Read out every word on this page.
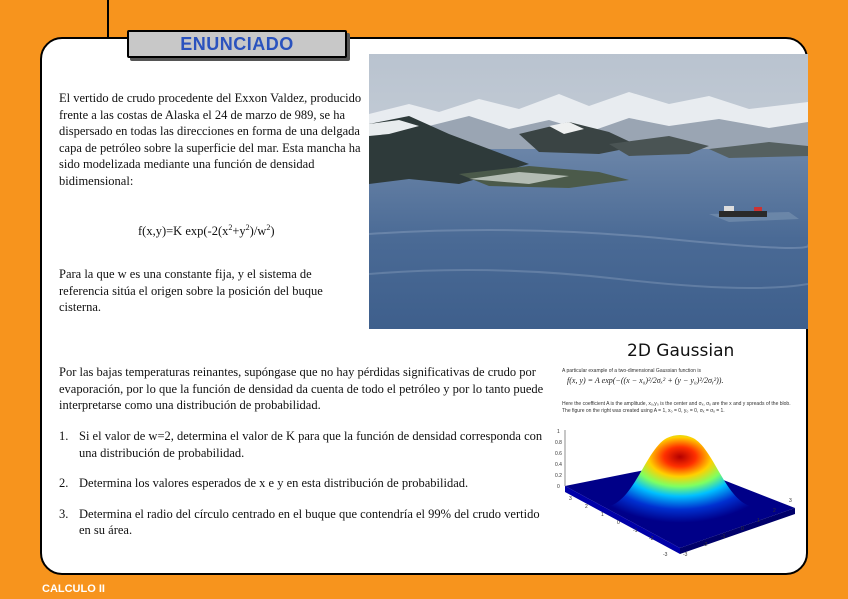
ENUNCIADO
El vertido de crudo procedente del Exxon Valdez, producido frente a las costas de Alaska el 24 de marzo de 989, se ha dispersado en todas las direcciones en forma de una delgada capa de petróleo sobre la superficie del mar. Esta mancha ha sido modelizada mediante una función de densidad bidimensional:
f(x,y)=K $\exp(-2(x^2+y^2)/w^2)$
Para la que w es una constante fija, y el sistema de referencia sitúa el origen sobre la posición del buque cisterna.
Por las bajas temperaturas reinantes, supóngase que no hay pérdidas significativas de crudo por evaporación, por lo que la función de densidad da cuenta de todo el petróleo y por lo tanto puede interpretarse como una distribución de probabilidad.
1. Si el valor de w=2, determina el valor de K para que la función de densidad corresponda con una distribución de probabilidad.
2. Determina los valores esperados de x e y en esta distribución de probabilidad.
3. Determina el radio del círculo centrado en el buque que contendría el 99% del crudo vertido en su área.
2D Gaussian
A particular example of a two-dimensional Gaussian function is
f(x, y) = A exp(−((x − x₀)²/2σₓ² + (y − y₀)²/2σᵧ²)).
Here the coefficient A is the amplitude, x₀,y₀ is the center and σₓ, σᵧ are the x and y spreads of the blob.
The figure on the right was created using A = 1, x₀ = 0, y₀ = 0, σₓ = σᵧ = 1.
1
0.8
0.6
0.4
0.2
0
3
2
1
0
-1
-2
-3
3
2
1
0
-1
-2
-3
CALCULO II
